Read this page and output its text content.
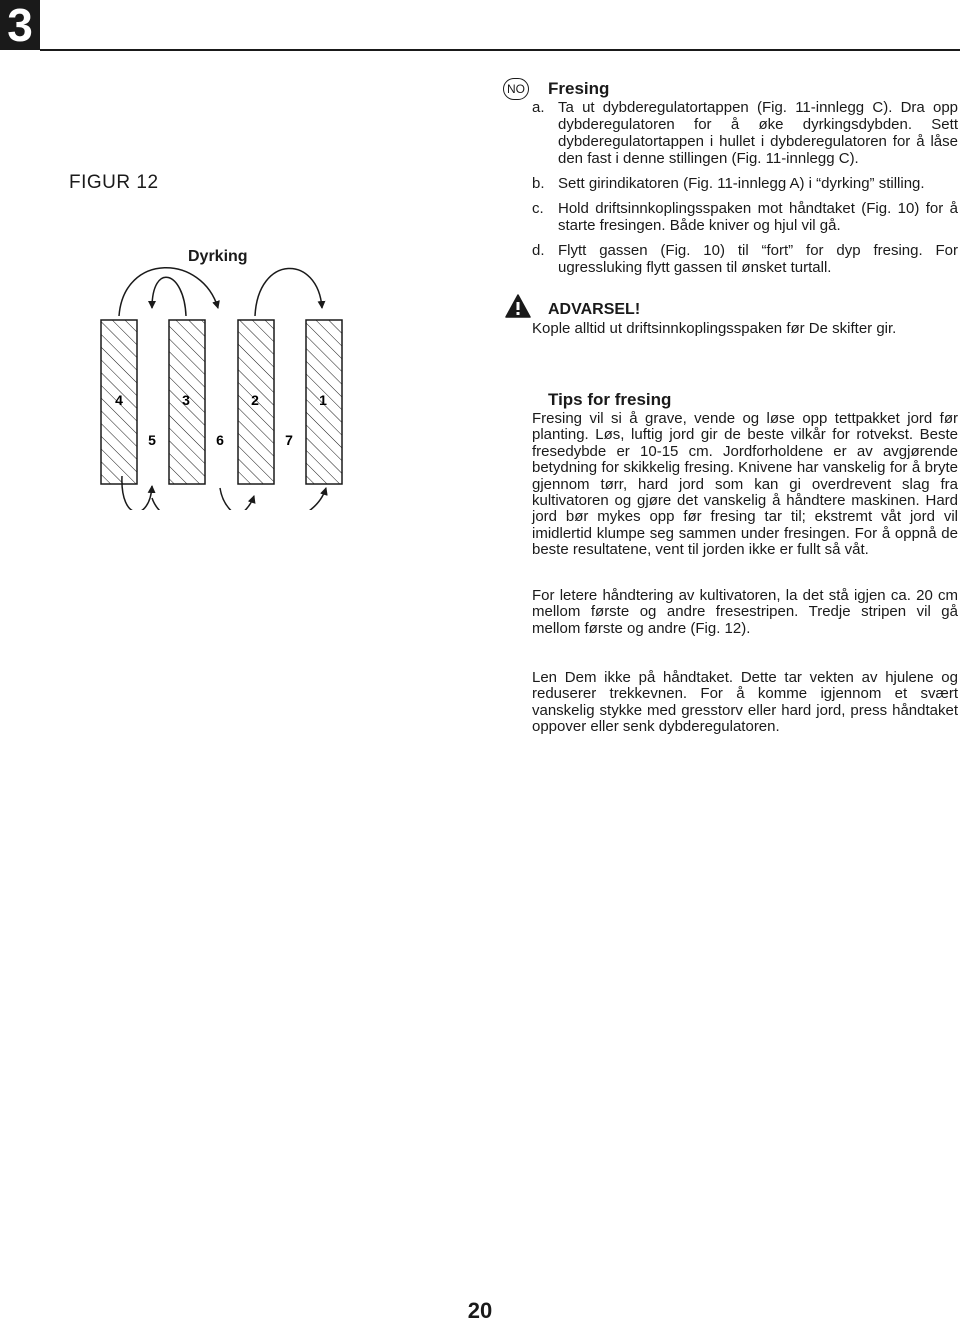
3
FIGUR 12
Dyrking
4	3	2	1
5	6	7
NO Fresing
a. Ta ut dybderegulatortappen (Fig. 11-innlegg C). Dra opp dybderegulatoren for å øke dyrkingsdybden. Sett dybderegulatortappen i hullet i dybderegulatoren for å låse den fast i denne stillingen (Fig. 11-innlegg C).
b. Sett girindikatoren (Fig. 11-innlegg A) i “dyrking” stilling.
c. Hold driftsinnkoplingsspaken mot håndtaket (Fig. 10) for å starte fresingen. Både kniver og hjul vil gå.
d. Flytt gassen (Fig. 10) til “fort” for dyp fresing. For ugressluking flytt gassen til ønsket turtall.
ADVARSEL!
Kople alltid ut driftsinnkoplingsspaken før De skifter gir.
Tips for fresing
Fresing vil si å grave, vende og løse opp tettpakket jord før planting. Løs, luftig jord gir de beste vilkår for rotvekst. Beste fresedybde er 10-15 cm. Jordforholdene er av avgjørende betydning for skikkelig fresing. Knivene har vanskelig for å bryte gjennom tørr, hard jord som kan gi overdrevent slag fra kultivatoren og gjøre det vanskelig å håndtere maskinen. Hard jord bør mykes opp før fresing tar til; ekstremt våt jord vil imidlertid klumpe seg sammen under fresingen. For å oppnå de beste resultatene, vent til jorden ikke er fullt så våt.
For letere håndtering av kultivatoren, la det stå igjen ca. 20 cm mellom første og andre fresestripen. Tredje stripen vil gå mellom første og andre (Fig. 12).
Len Dem ikke på håndtaket. Dette tar vekten av hjulene og reduserer trekkevnen. For å komme igjennom et svært vanskelig stykke med gresstorv eller hard jord, press håndtaket oppover eller senk dybderegulatoren.
20
